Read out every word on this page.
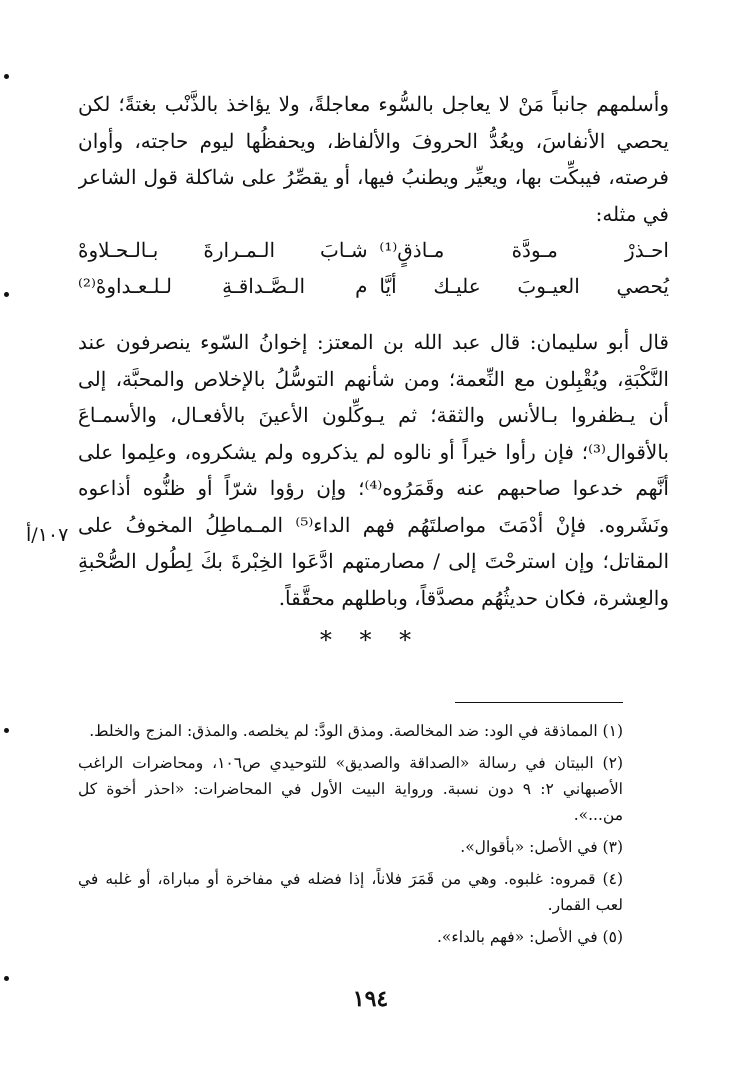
وأسلمهم جانباً مَنْ لا يعاجل بالسُّوء معاجلةً، ولا يؤاخذ بالذَّنْب بغتةً؛ لكن
يحصي الأنفاسَ، ويعُدُّ الحروفَ والألفاظ، ويحفظُها ليوم حاجته، وأوان
فرصته، فيبكِّت بها، ويعيِّر ويطنبُ فيها، أو يقصِّرُ على شاكلة قول الشاعر
في مثله:
احـذرْ مـودَّة مـاذقٍ⁽¹⁾
شـابَ الـمـرارةَ بـالـحـلاوهْ
يُحصي العيـوبَ عليـك أيَّا
م الـصَّـداقـةِ لـلـعـداوهْ⁽²⁾
قال أبو سليمان: قال عبد الله بن المعتز: إخوانُ السّوء ينصرفون عند
النَّكْبَةِ، ويُقْبِلون مع النِّعمة؛ ومن شأنهم التوسُّلُ بالإخلاص والمحبَّة، إلى
أن يـظفروا بـالأنس والثقة؛ ثم يـوكِّلون الأعينَ بالأفعـال، والأسمـاعَ
بالأقوال⁽³⁾؛ فإن رأوا خيراً أو نالوه لم يذكروه ولم يشكروه، وعلِموا على
أنَّهم خدعوا صاحبهم عنه وقَمَرُوه⁽⁴⁾؛ وإن رؤوا شرّاً أو ظنُّوه أذاعوه
ونَشَروه. فإنْ أدْمَتَ مواصلتَهُم فهم الداء⁽⁵⁾ المـماطِلُ المخوفُ على
المقاتل؛ وإن استرحْتَ إلى / مصارمتهم ادَّعَوا الخِبْرةَ بكَ لِطُول الصُّحْبةِ
والعِشرة، فكان حديثُهُم مصدَّقاً، وباطلهم محقَّقاً.
١٠٧/أ
* * *

(١) المماذقة في الود: ضد المخالصة. ومذق الودَّ: لم يخلصه. والمذق: المزج والخلط.

(٢) البيتان في رسالة «الصداقة والصديق» للتوحيدي ص١٠٦، ومحاضرات الراغب الأصبهاني ٢: ٩ دون نسبة. ورواية البيت الأول في المحاضرات: «احذر أخوة كل من...».

(٣) في الأصل: «بأقوال».

(٤) قمروه: غلبوه. وهي من قَمَرَ فلاناً، إذا فضله في مفاخرة أو مباراة، أو غلبه في لعب القمار.

(٥) في الأصل: «فهم بالداء».

١٩٤
